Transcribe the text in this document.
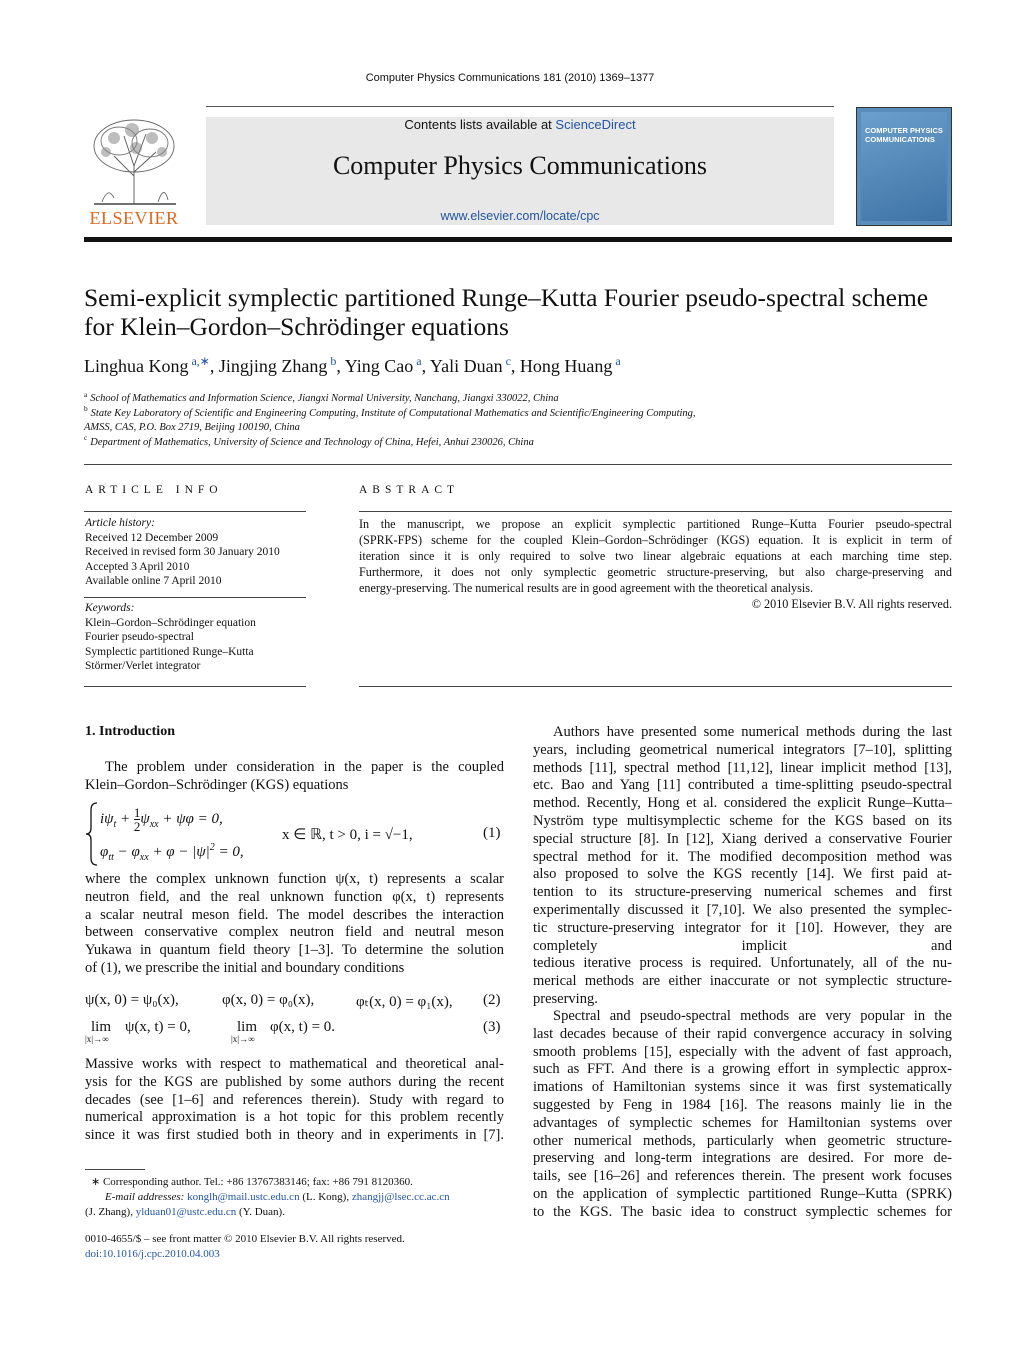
Computer Physics Communications 181 (2010) 1369–1377
ELSEVIER
Contents lists available at ScienceDirect
Computer Physics Communications
www.elsevier.com/locate/cpc
COMPUTER PHYSICS
COMMUNICATIONS
Semi-explicit symplectic partitioned Runge–Kutta Fourier pseudo-spectral scheme
for Klein–Gordon–Schrödinger equations
Linghua Kong $^{a,∗}$, Jingjing Zhang $^b$, Ying Cao $^a$, Yali Duan $^c$, Hong Huang $^a$
$^a$ School of Mathematics and Information Science, Jiangxi Normal University, Nanchang, Jiangxi 330022, China
$^b$ State Key Laboratory of Scientific and Engineering Computing, Institute of Computational Mathematics and Scientific/Engineering Computing,
AMSS, CAS, P.O. Box 2719, Beijing 100190, China
$^c$ Department of Mathematics, University of Science and Technology of China, Hefei, Anhui 230026, China
ARTICLE INFO
Article history:
Received 12 December 2009
Received in revised form 30 January 2010
Accepted 3 April 2010
Available online 7 April 2010
Keywords:
Klein–Gordon–Schrödinger equation
Fourier pseudo-spectral
Symplectic partitioned Runge–Kutta
Störmer/Verlet integrator
ABSTRACT
In the manuscript, we propose an explicit symplectic partitioned Runge–Kutta Fourier pseudo-spectral
(SPRK-FPS) scheme for the coupled Klein–Gordon–Schrödinger (KGS) equation. It is explicit in term of
iteration since it is only required to solve two linear algebraic equations at each marching time step.
Furthermore, it does not only symplectic geometric structure-preserving, but also charge-preserving and
energy-preserving. The numerical results are in good agreement with the theoretical analysis.
© 2010 Elsevier B.V. All rights reserved.
1. Introduction
The problem under consideration in the paper is the coupled
Klein–Gordon–Schrödinger (KGS) equations
$i\psi_t + \frac{1}{2} \psi_{xx} + \psi\varphi = 0$,
$\varphi_{tt} - \varphi_{xx} + \varphi - |\psi|^2 = 0$,
x ∈ ℝ, t > 0, i = √−1,	(1)
where the complex unknown function ψ(x, t) represents a scalar
neutron field, and the real unknown function φ(x, t) represents
a scalar neutral meson field. The model describes the interaction
between conservative complex neutron field and neutral meson
Yukawa in quantum field theory [1–3]. To determine the solution
of (1), we prescribe the initial and boundary conditions
ψ(x, 0) = ψ₀(x),	φ(x, 0) = φ₀(x),	φₜ(x, 0) = φ₁(x), (2)
lim
|x|→∞
ψ(x, t) = 0,	lim
|x|→∞
φ(x, t) = 0.	(3)
Massive works with respect to mathematical and theoretical anal-
ysis for the KGS are published by some authors during the recent
decades (see [1–6] and references therein). Study with regard to
numerical approximation is a hot topic for this problem recently
since it was first studied both in theory and in experiments in [7].
Authors have presented some numerical methods during the last
years, including geometrical numerical integrators [7–10], splitting
methods [11], spectral method [11,12], linear implicit method [13],
etc. Bao and Yang [11] contributed a time-splitting pseudo-spectral
method. Recently, Hong et al. considered the explicit Runge–Kutta–
Nyström type multisymplectic scheme for the KGS based on its
special structure [8]. In [12], Xiang derived a conservative Fourier
spectral method for it. The modified decomposition method was
also proposed to solve the KGS recently [14]. We first paid at-
tention to its structure-preserving numerical schemes and first
experimentally discussed it [7,10]. We also presented the symplec-
tic structure-preserving integrator for it [10]. However, they are completely implicit and
tedious iterative process is required. Unfortunately, all of the nu-
merical methods are either inaccurate or not symplectic structure-
preserving.
Spectral and pseudo-spectral methods are very popular in the
last decades because of their rapid convergence accuracy in solving
smooth problems [15], especially with the advent of fast approach,
such as FFT. And there is a growing effort in symplectic approx-
imations of Hamiltonian systems since it was first systematically
suggested by Feng in 1984 [16]. The reasons mainly lie in the
advantages of symplectic schemes for Hamiltonian systems over
other numerical methods, particularly when geometric structure-
preserving and long-term integrations are desired. For more de-
tails, see [16–26] and references therein. The present work focuses
on the application of symplectic partitioned Runge–Kutta (SPRK)
to the KGS. The basic idea to construct symplectic schemes for
∗ Corresponding author. Tel.: +86 13767383146; fax: +86 791 8120360.
E-mail addresses: konglh@mail.ustc.edu.cn (L. Kong), zhangjj@lsec.cc.ac.cn
(J. Zhang), ylduan01@ustc.edu.cn (Y. Duan).
0010-4655/$ – see front matter © 2010 Elsevier B.V. All rights reserved.
doi:10.1016/j.cpc.2010.04.003
